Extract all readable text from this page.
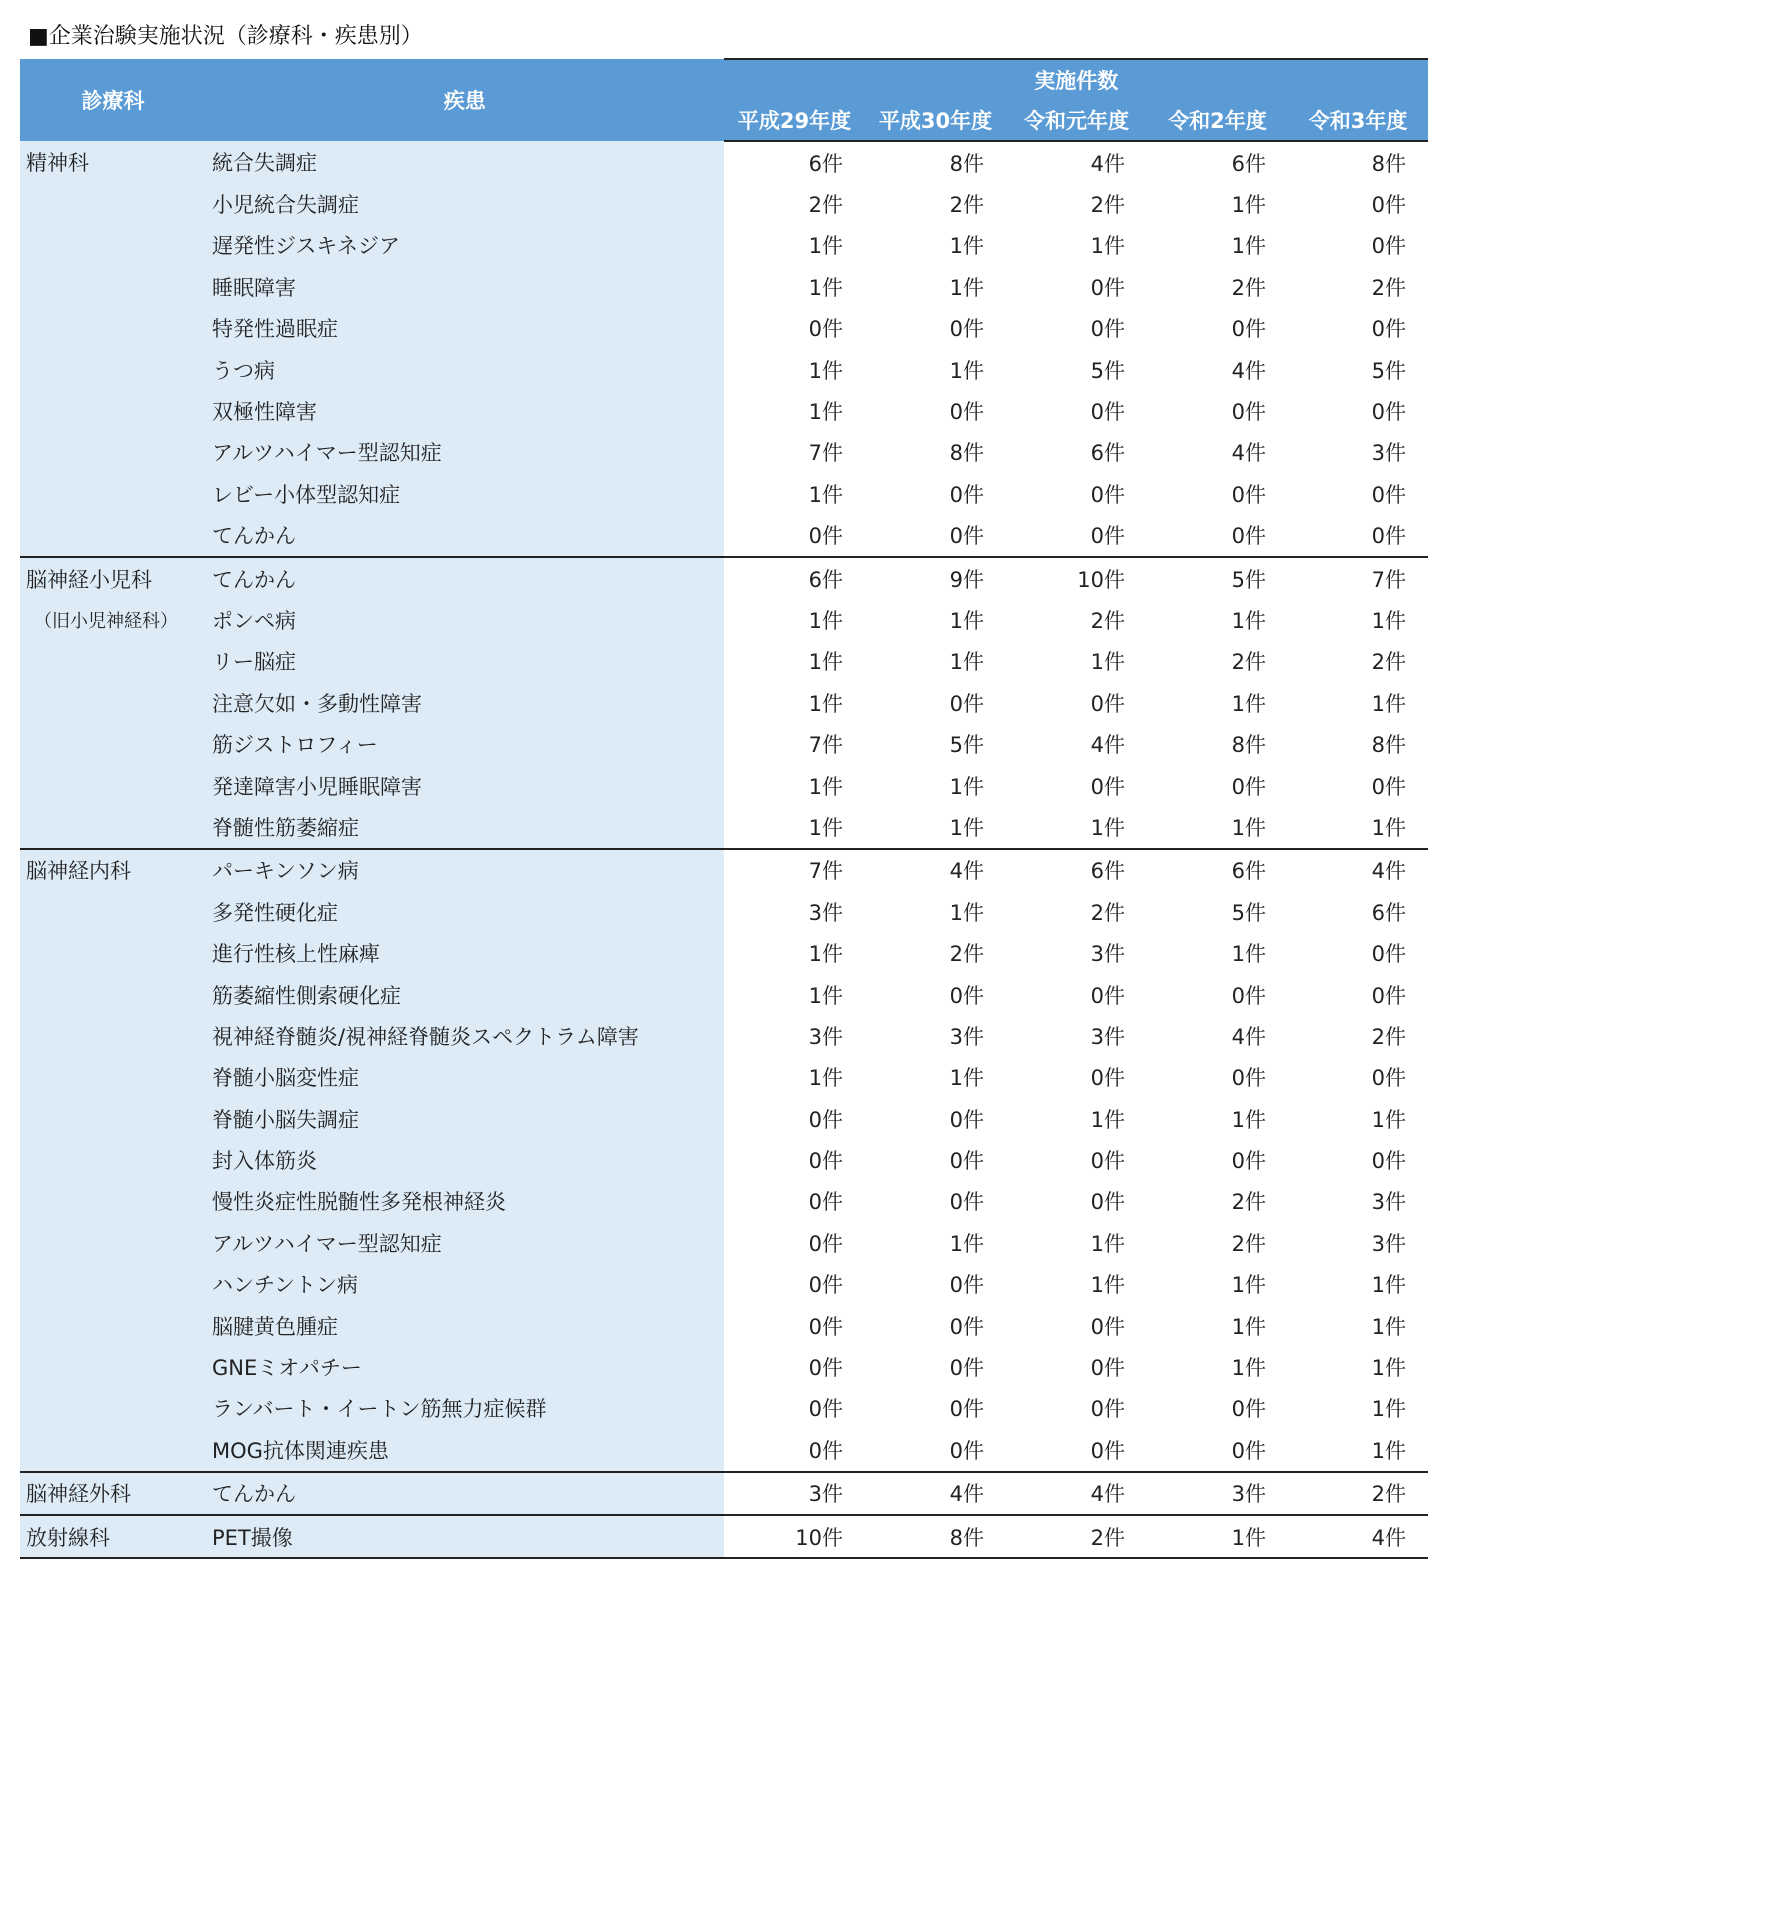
■企業治験実施状況（診療科・疾患別）
診療科	疾患	実施件数				
		平成29年度	平成30年度	令和元年度	令和2年度	令和3年度
精神科	統合失調症	6件	8件	4件	6件	8件
	小児統合失調症	2件	2件	2件	1件	0件
	遅発性ジスキネジア	1件	1件	1件	1件	0件
	睡眠障害	1件	1件	0件	2件	2件
	特発性過眠症	0件	0件	0件	0件	0件
	うつ病	1件	1件	5件	4件	5件
	双極性障害	1件	0件	0件	0件	0件
	アルツハイマー型認知症	7件	8件	6件	4件	3件
	レビー小体型認知症	1件	0件	0件	0件	0件
	てんかん	0件	0件	0件	0件	0件
脳神経小児科	てんかん	6件	9件	10件	5件	7件

（旧小児神経科）	ポンペ病	1件	1件	2件	1件	1件
	リー脳症	1件	1件	1件	2件	2件
	注意欠如・多動性障害	1件	0件	0件	1件	1件
	筋ジストロフィー	7件	5件	4件	8件	8件
	発達障害小児睡眠障害	1件	1件	0件	0件	0件
	脊髄性筋萎縮症	1件	1件	1件	1件	1件
脳神経内科	パーキンソン病	7件	4件	6件	6件	4件
	多発性硬化症	3件	1件	2件	5件	6件
	進行性核上性麻痺	1件	2件	3件	1件	0件
	筋萎縮性側索硬化症	1件	0件	0件	0件	0件
	視神経脊髄炎/視神経脊髄炎スペクトラム障害	3件	3件	3件	4件	2件
	脊髄小脳変性症	1件	1件	0件	0件	0件
	脊髄小脳失調症	0件	0件	1件	1件	1件
	封入体筋炎	0件	0件	0件	0件	0件
	慢性炎症性脱髄性多発根神経炎	0件	0件	0件	2件	3件
	アルツハイマー型認知症	0件	1件	1件	2件	3件
	ハンチントン病	0件	0件	1件	1件	1件
	脳腱黄色腫症	0件	0件	0件	1件	1件
	GNEミオパチー	0件	0件	0件	1件	1件
	ランバート・イートン筋無力症候群	0件	0件	0件	0件	1件
	MOG抗体関連疾患	0件	0件	0件	0件	1件
脳神経外科	てんかん	3件	4件	4件	3件	2件
放射線科	PET撮像	10件	8件	2件	1件	4件
